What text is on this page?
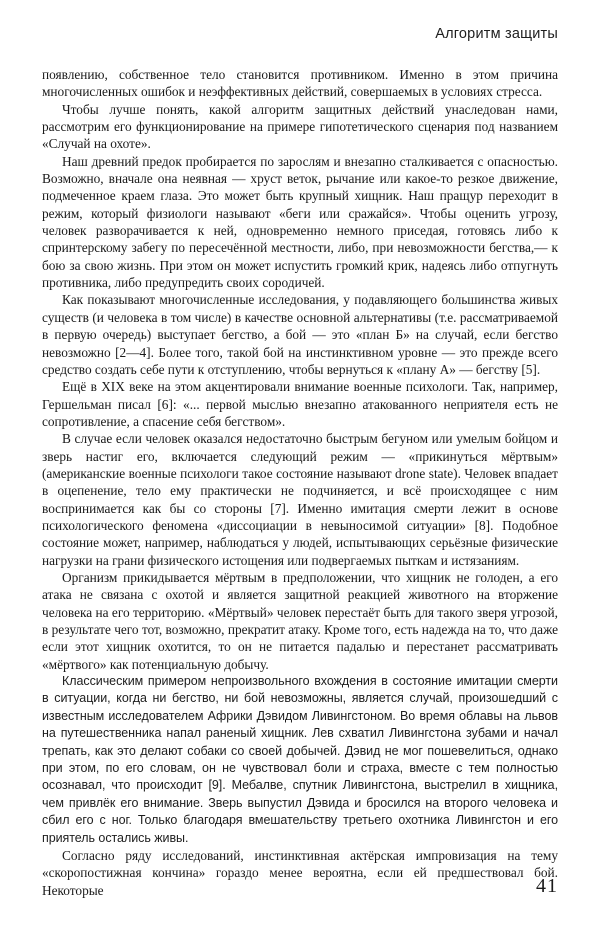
Алгоритм защиты

появлению, собственное тело становится противником. Именно в этом причина многочисленных ошибок и неэффективных действий, совершаемых в условиях стресса.

Чтобы лучше понять, какой алгоритм защитных действий унаследован нами, рассмотрим его функционирование на примере гипотетического сценария под названием «Случай на охоте».

Наш древний предок пробирается по зарослям и внезапно сталкивается с опасностью. Возможно, вначале она неявная — хруст веток, рычание или какое-то резкое движение, подмеченное краем глаза. Это может быть крупный хищник. Наш пращур переходит в режим, который физиологи называют «беги или сражайся». Чтобы оценить угрозу, человек разворачивается к ней, одновременно немного приседая, готовясь либо к спринтерскому забегу по пересечённой местности, либо, при невозможности бегства,— к бою за свою жизнь. При этом он может испустить громкий крик, надеясь либо отпугнуть противника, либо предупредить своих сородичей.

Как показывают многочисленные исследования, у подавляющего большинства живых существ (и человека в том числе) в качестве основной альтернативы (т.е. рассматриваемой в первую очередь) выступает бегство, а бой — это «план Б» на случай, если бегство невозможно [2—4]. Более того, такой бой на инстинктивном уровне — это прежде всего средство создать себе пути к отступлению, чтобы вернуться к «плану А» — бегству [5].

Ещё в XIX веке на этом акцентировали внимание военные психологи. Так, например, Гершельман писал [6]: «... первой мыслью внезапно атакованного неприятеля есть не сопротивление, а спасение себя бегством».

В случае если человек оказался недостаточно быстрым бегуном или умелым бойцом и зверь настиг его, включается следующий режим — «прикинуться мёртвым» (американские военные психологи такое состояние называют drone state). Человек впадает в оцепенение, тело ему практически не подчиняется, и всё происходящее с ним воспринимается как бы со стороны [7]. Именно имитация смерти лежит в основе психологического феномена «диссоциации в невыносимой ситуации» [8]. Подобное состояние может, например, наблюдаться у людей, испытывающих серьёзные физические нагрузки на грани физического истощения или подвергаемых пыткам и истязаниям.

Организм прикидывается мёртвым в предположении, что хищник не голоден, а его атака не связана с охотой и является защитной реакцией животного на вторжение человека на его территорию. «Мёртвый» человек перестаёт быть для такого зверя угрозой, в результате чего тот, возможно, прекратит атаку. Кроме того, есть надежда на то, что даже если этот хищник охотится, то он не питается падалью и перестанет рассматривать «мёртвого» как потенциальную добычу.

Классическим примером непроизвольного вхождения в состояние имитации смерти в ситуации, когда ни бегство, ни бой невозможны, является случай, произошедший с известным исследователем Африки Дэвидом Ливингстоном. Во время облавы на львов на путешественника напал раненый хищник. Лев схватил Ливингстона зубами и начал трепать, как это делают собаки со своей добычей. Дэвид не мог пошевелиться, однако при этом, по его словам, он не чувствовал боли и страха, вместе с тем полностью осознавал, что происходит [9]. Мебалве, спутник Ливингстона, выстрелил в хищника, чем привлёк его внимание. Зверь выпустил Дэвида и бросился на второго человека и сбил его с ног. Только благодаря вмешательству третьего охотника Ливингстон и его приятель остались живы.

Согласно ряду исследований, инстинктивная актёрская импровизация на тему «скоропостижная кончина» гораздо менее вероятна, если ей предшествовал бой. Некоторые	41
